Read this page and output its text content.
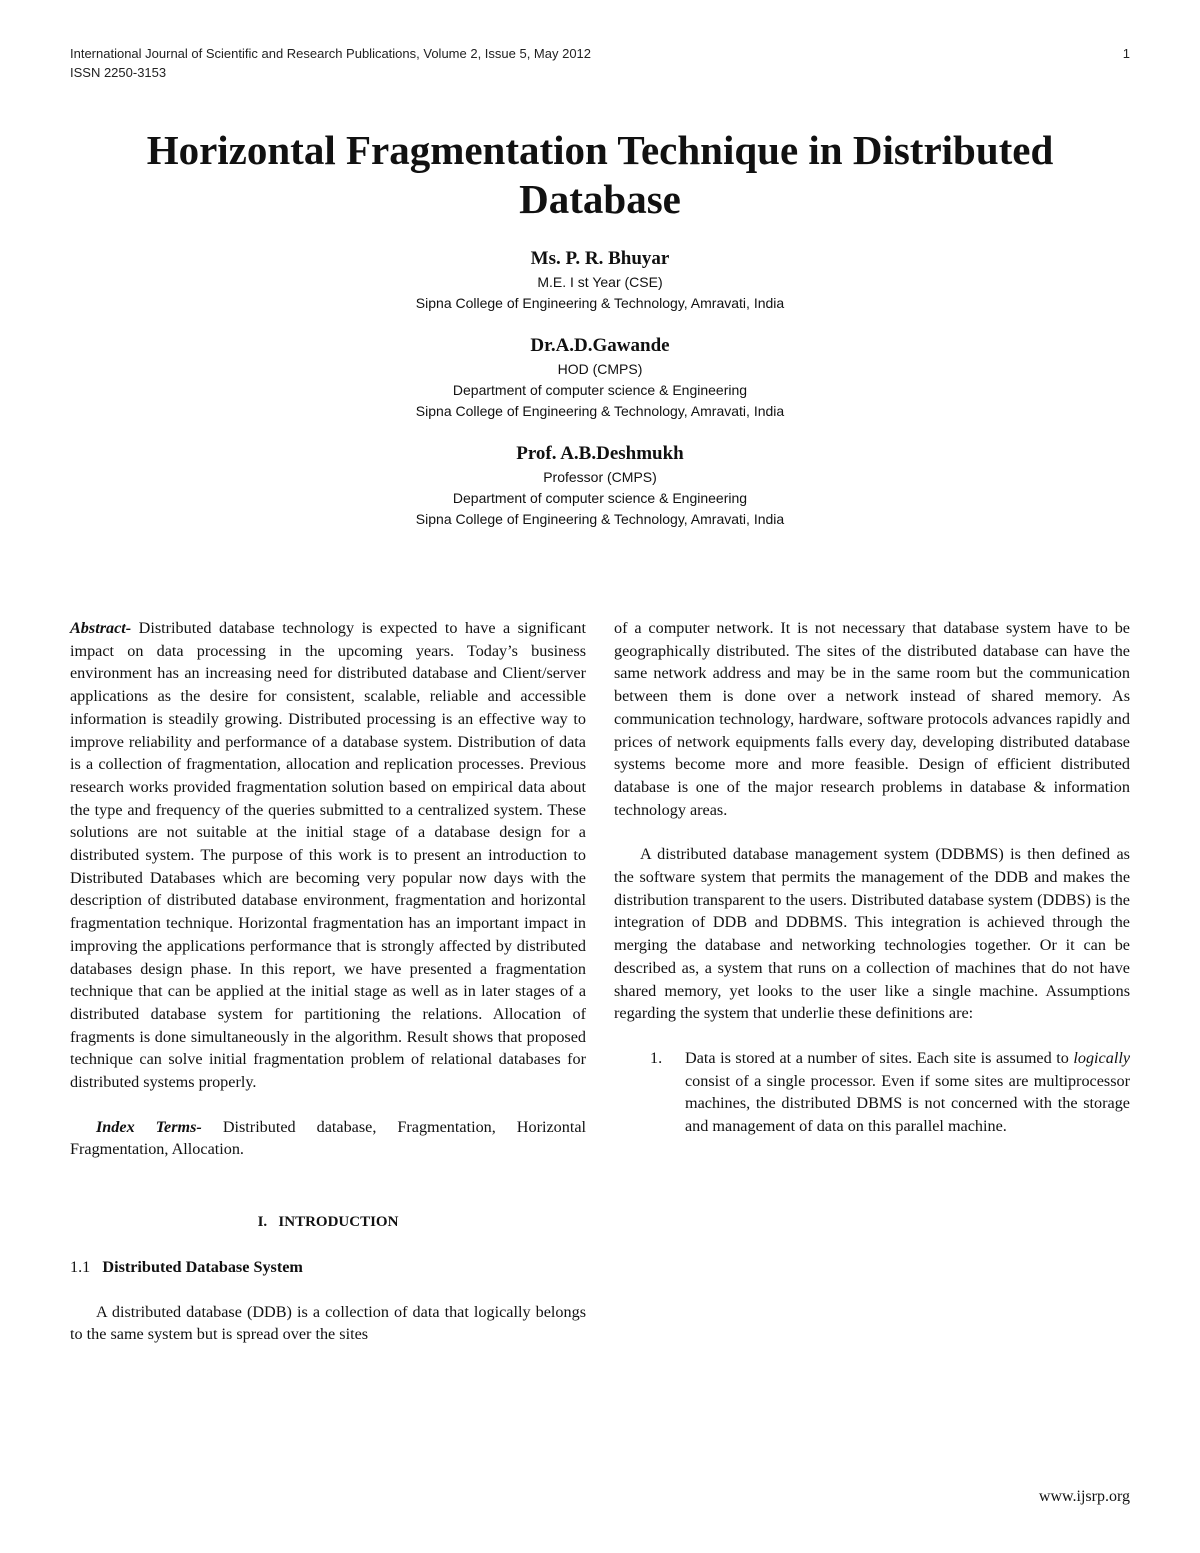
International Journal of Scientific and Research Publications, Volume 2, Issue 5, May 2012
ISSN 2250-3153
1
Horizontal Fragmentation Technique in Distributed Database
Ms. P. R. Bhuyar
M.E. I st Year (CSE)
Sipna College of Engineering & Technology, Amravati, India
Dr.A.D.Gawande
HOD (CMPS)
Department of computer science & Engineering
Sipna College of Engineering & Technology, Amravati, India
Prof. A.B.Deshmukh
Professor (CMPS)
Department of computer science & Engineering
Sipna College of Engineering & Technology, Amravati, India

Abstract- Distributed database technology is expected to have a significant impact on data processing in the upcoming years. Today’s business environment has an increasing need for distributed database and Client/server applications as the desire for consistent, scalable, reliable and accessible information is steadily growing. Distributed processing is an effective way to improve reliability and performance of a database system. Distribution of data is a collection of fragmentation, allocation and replication processes. Previous research works provided fragmentation solution based on empirical data about the type and frequency of the queries submitted to a centralized system. These solutions are not suitable at the initial stage of a database design for a distributed system. The purpose of this work is to present an introduction to Distributed Databases which are becoming very popular now days with the description of distributed database environment, fragmentation and horizontal fragmentation technique. Horizontal fragmentation has an important impact in improving the applications performance that is strongly affected by distributed databases design phase. In this report, we have presented a fragmentation technique that can be applied at the initial stage as well as in later stages of a distributed database system for partitioning the relations. Allocation of fragments is done simultaneously in the algorithm. Result shows that proposed technique can solve initial fragmentation problem of relational databases for distributed systems properly.

Index Terms- Distributed database, Fragmentation, Horizontal Fragmentation, Allocation.

I. INTRODUCTION
1.1 Distributed Database System

A distributed database (DDB) is a collection of data that logically belongs to the same system but is spread over the sites

of a computer network. It is not necessary that database system have to be geographically distributed. The sites of the distributed database can have the same network address and may be in the same room but the communication between them is done over a network instead of shared memory. As communication technology, hardware, software protocols advances rapidly and prices of network equipments falls every day, developing distributed database systems become more and more feasible. Design of efficient distributed database is one of the major research problems in database & information technology areas.

A distributed database management system (DDBMS) is then defined as the software system that permits the management of the DDB and makes the distribution transparent to the users. Distributed database system (DDBS) is the integration of DDB and DDBMS. This integration is achieved through the merging the database and networking technologies together. Or it can be described as, a system that runs on a collection of machines that do not have shared memory, yet looks to the user like a single machine. Assumptions regarding the system that underlie these definitions are:

1. Data is stored at a number of sites. Each site is assumed to logically consist of a single processor. Even if some sites are multiprocessor machines, the distributed DBMS is not concerned with the storage and management of data on this parallel machine.
www.ijsrp.org
